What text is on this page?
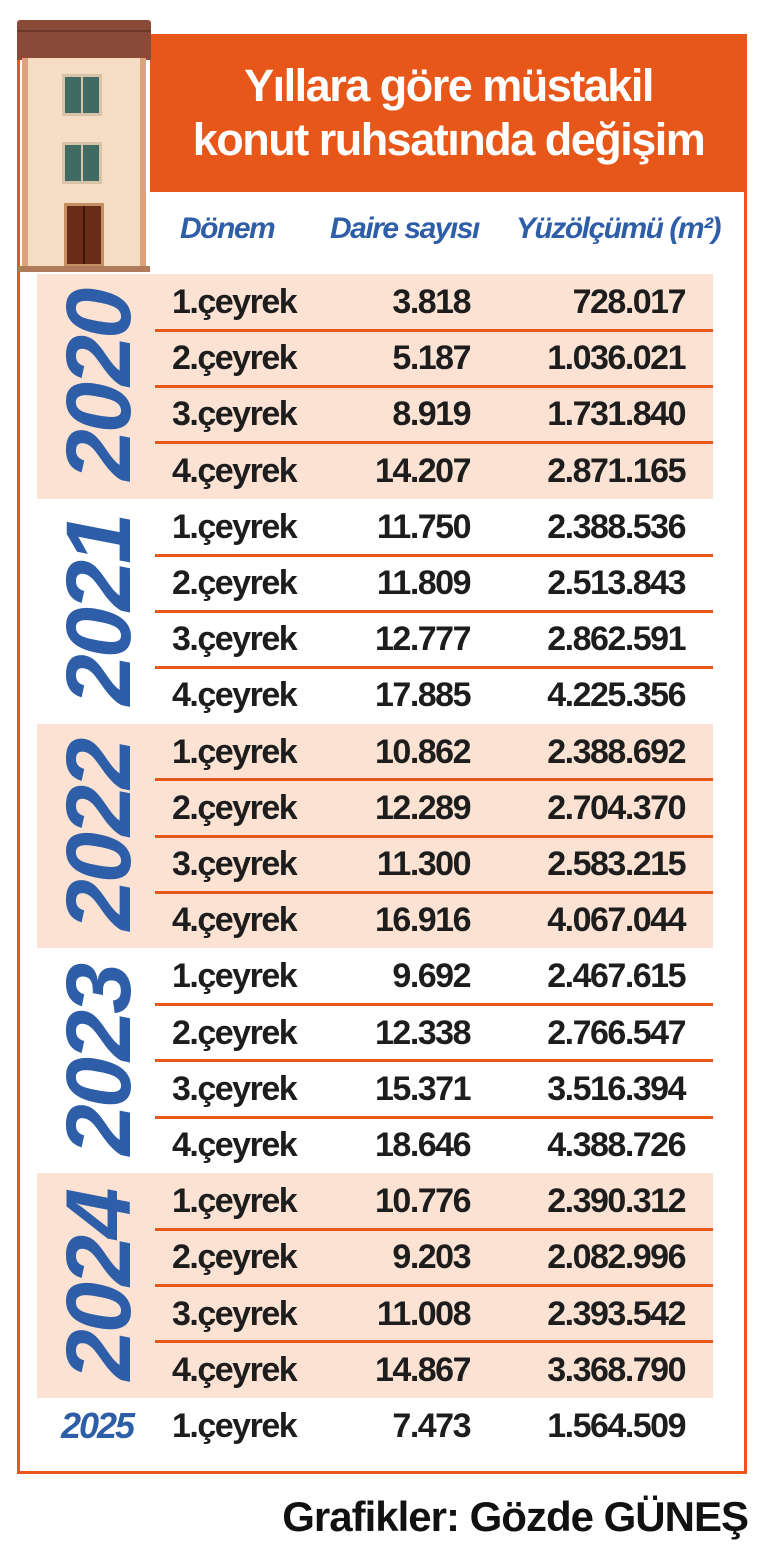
Yıllara göre müstakil
konut ruhsatında değişim
Dönem Daire sayısı Yüzölçümü (m²)
1.çeyrek	3.818	728.017
2.çeyrek	5.187 1.036.021
3.çeyrek	8.919 1.731.840
4.çeyrek 14.207 2.871.165
2020
1.çeyrek 11.750 2.388.536
2.çeyrek 11.809 2.513.843
3.çeyrek 12.777 2.862.591
4.çeyrek 17.885 4.225.356
2021
1.çeyrek 10.862 2.388.692
2.çeyrek 12.289 2.704.370
3.çeyrek 11.300 2.583.215
4.çeyrek 16.916 4.067.044
2022
1.çeyrek	9.692 2.467.615
2.çeyrek 12.338 2.766.547
3.çeyrek 15.371 3.516.394
4.çeyrek 18.646 4.388.726
2023
1.çeyrek 10.776 2.390.312
2.çeyrek	9.203 2.082.996
3.çeyrek 11.008 2.393.542
4.çeyrek 14.867 3.368.790
2024
1.çeyrek	7.473 1.564.509
2025
Grafikler: Gözde GÜNEŞ
